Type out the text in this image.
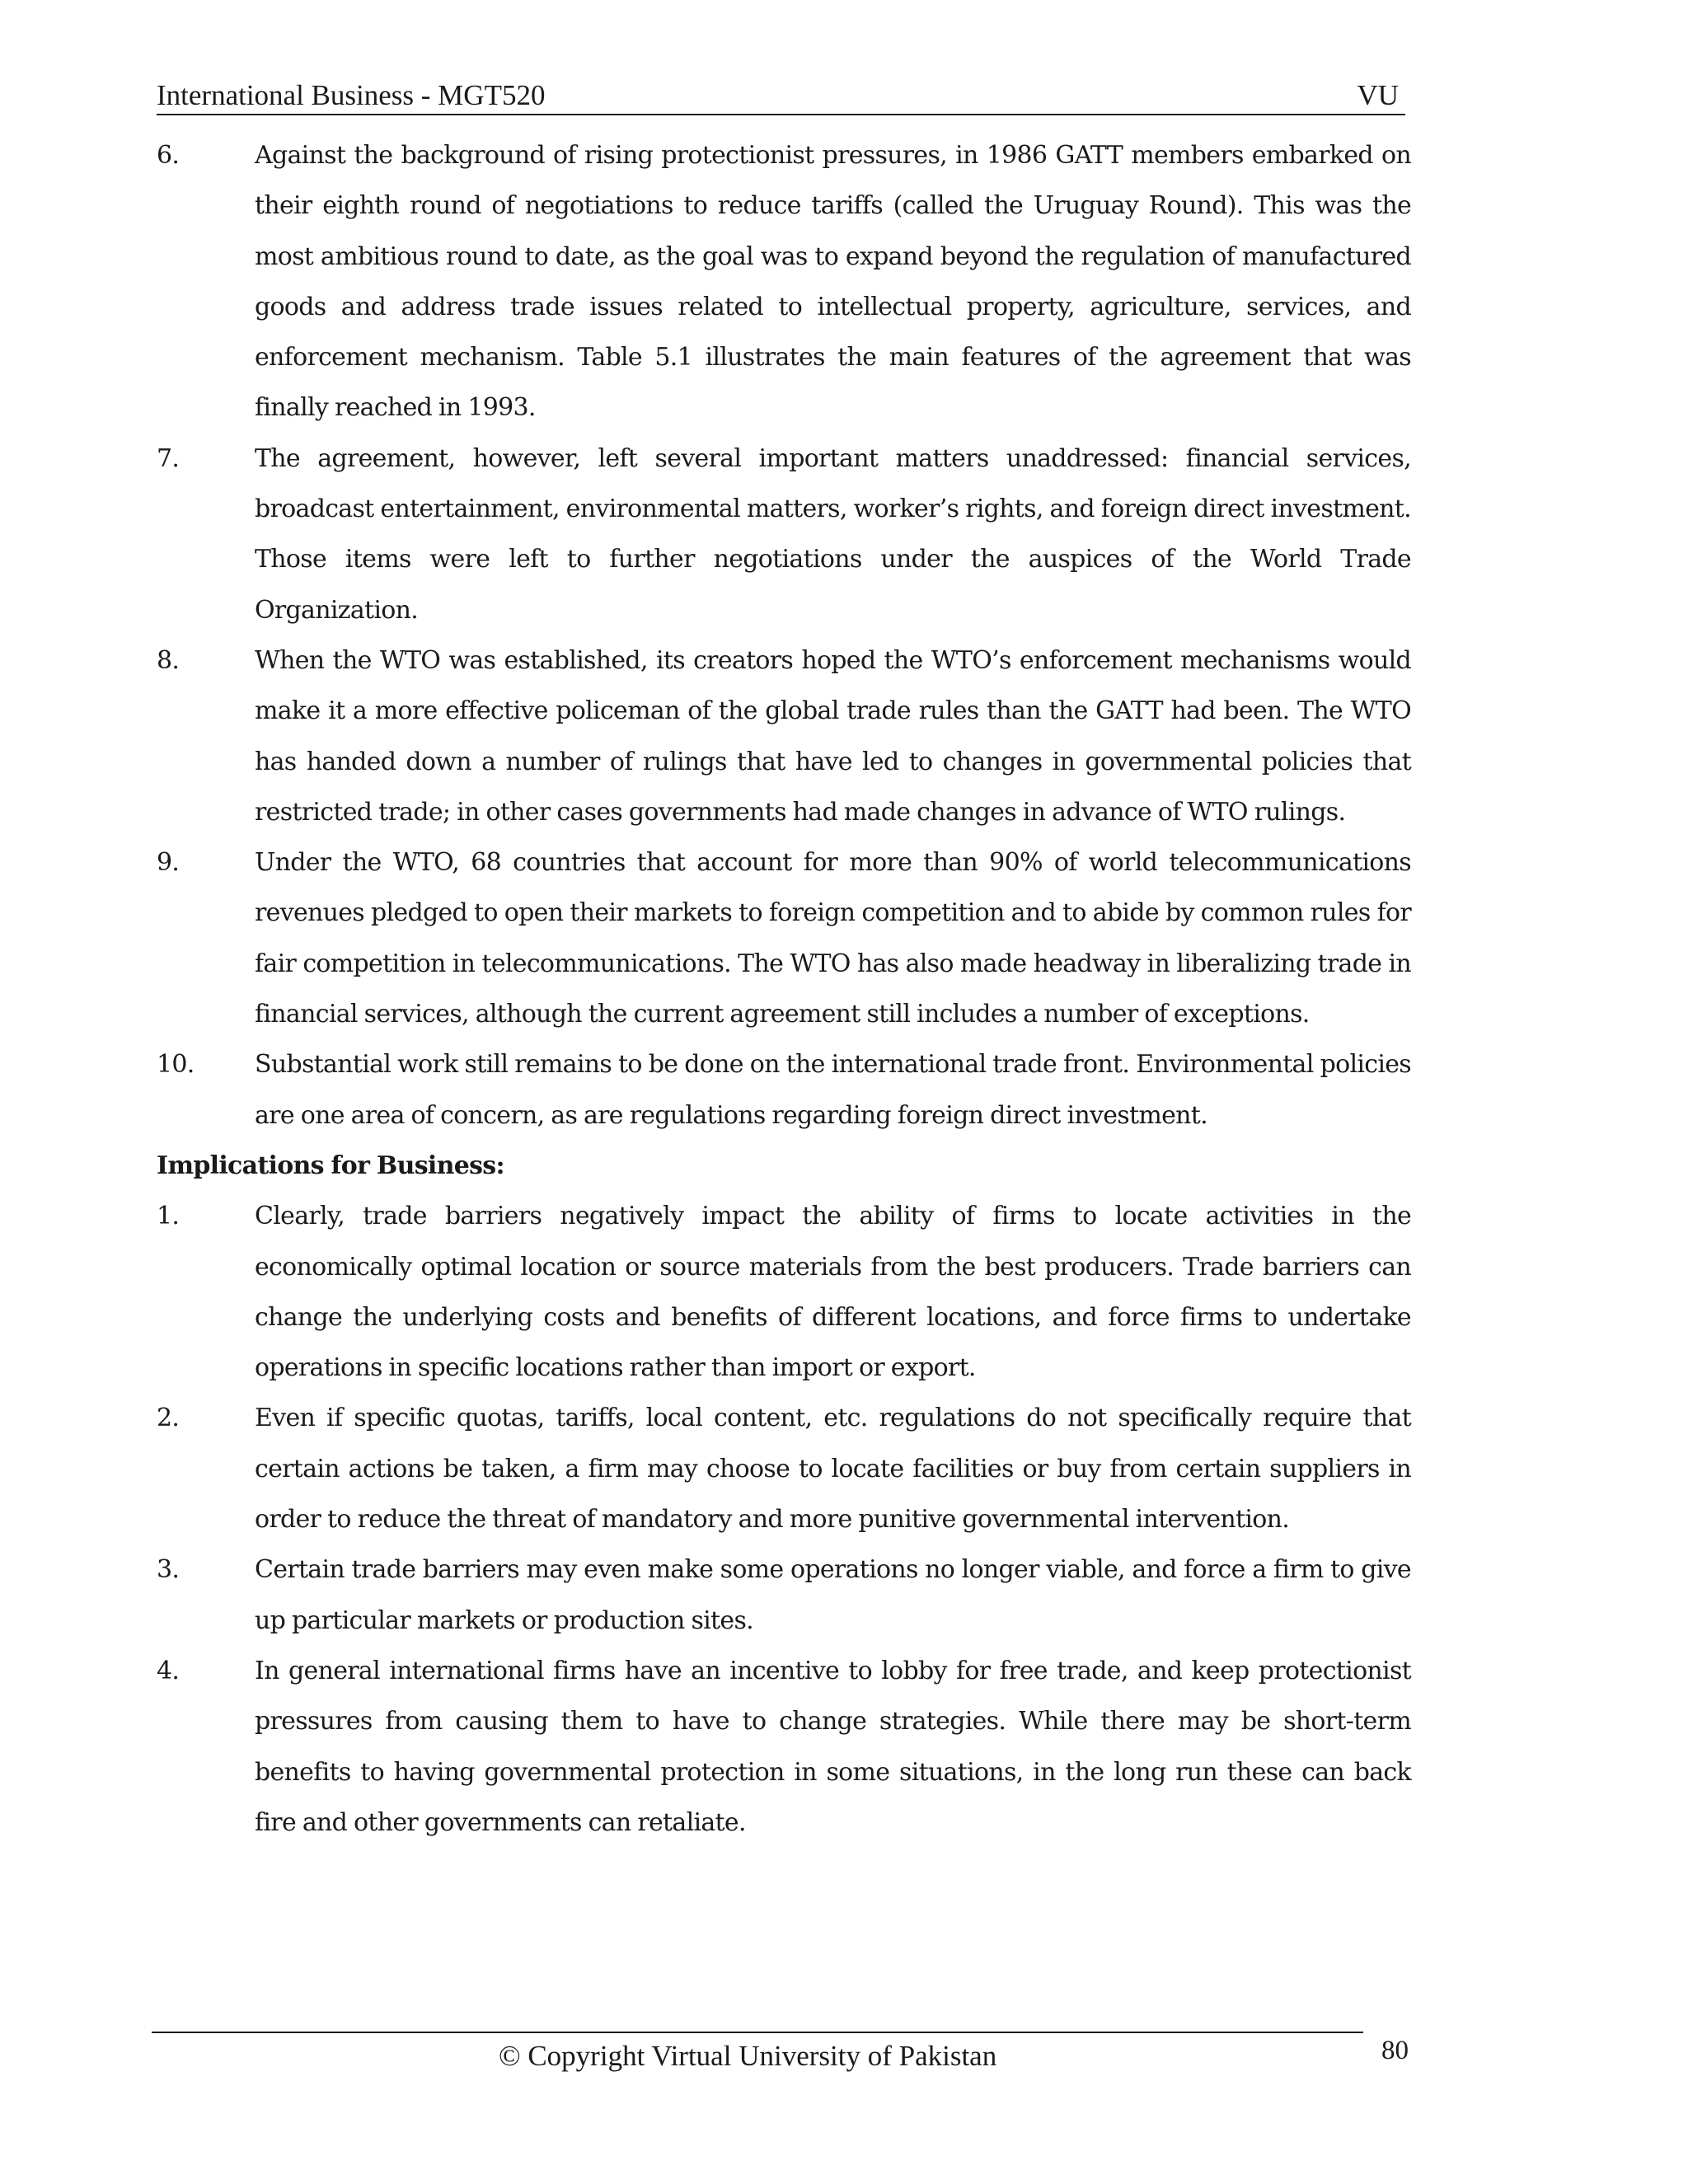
International Business - MGT520	VU
6.	Against the background of rising protectionist pressures, in 1986 GATT members embarked on their eighth round of negotiations to reduce tariffs (called the Uruguay Round). This was the most ambitious round to date, as the goal was to expand beyond the regulation of manufactured goods and address trade issues related to intellectual property, agriculture, services, and enforcement mechanism. Table 5.1 illustrates the main features of the agreement that was finally reached in 1993.
7.	The agreement, however, left several important matters unaddressed: financial services, broadcast entertainment, environmental matters, worker’s rights, and foreign direct investment. Those items were left to further negotiations under the auspices of the World Trade Organization.
8.	When the WTO was established, its creators hoped the WTO’s enforcement mechanisms would make it a more effective policeman of the global trade rules than the GATT had been. The WTO has handed down a number of rulings that have led to changes in governmental policies that restricted trade; in other cases governments had made changes in advance of WTO rulings.
9.	Under the WTO, 68 countries that account for more than 90% of world telecommunications revenues pledged to open their markets to foreign competition and to abide by common rules for fair competition in telecommunications. The WTO has also made headway in liberalizing trade in financial services, although the current agreement still includes a number of exceptions.
10. Substantial work still remains to be done on the international trade front. Environmental policies are one area of concern, as are regulations regarding foreign direct investment.
Implications for Business:
1.	Clearly, trade barriers negatively impact the ability of firms to locate activities in the economically optimal location or source materials from the best producers. Trade barriers can change the underlying costs and benefits of different locations, and force firms to undertake operations in specific locations rather than import or export.
2.	Even if specific quotas, tariffs, local content, etc. regulations do not specifically require that certain actions be taken, a firm may choose to locate facilities or buy from certain suppliers in order to reduce the threat of mandatory and more punitive governmental intervention.
3.	Certain trade barriers may even make some operations no longer viable, and force a firm to give up particular markets or production sites.
4.	In general international firms have an incentive to lobby for free trade, and keep protectionist pressures from causing them to have to change strategies. While there may be short-term benefits to having governmental protection in some situations, in the long run these can back fire and other governments can retaliate.
© Copyright Virtual University of Pakistan	80
